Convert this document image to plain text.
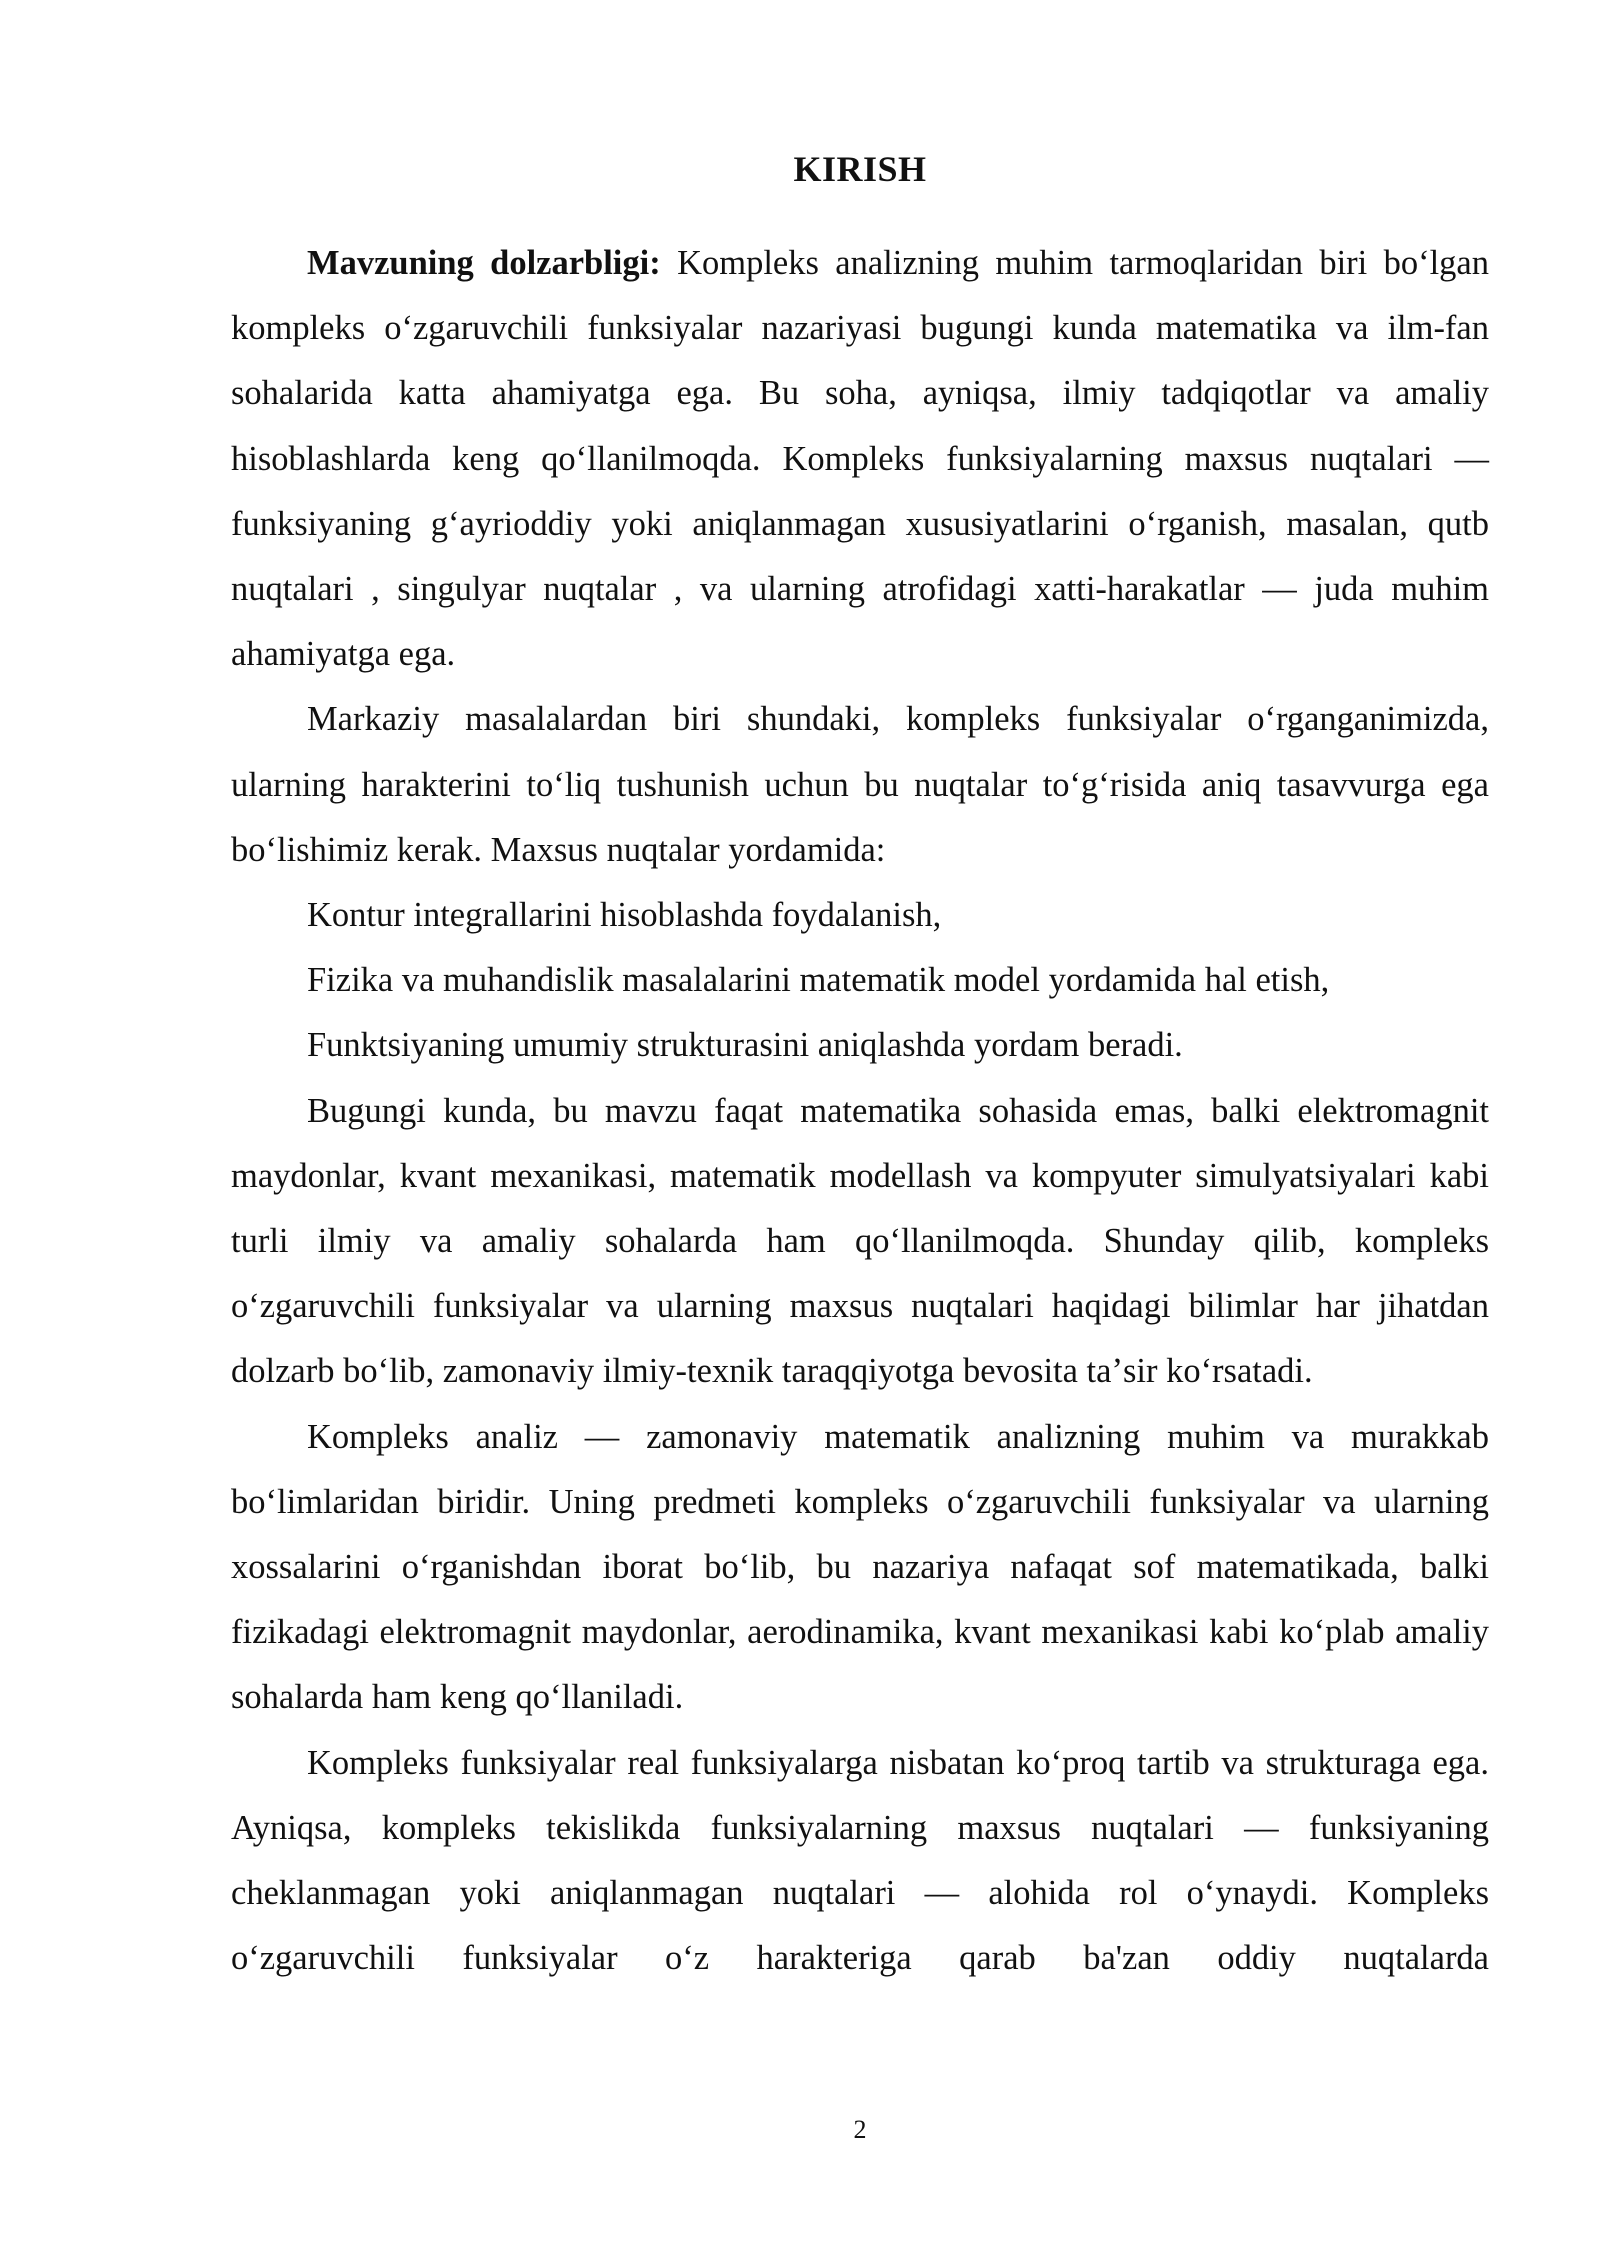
KIRISH

Mavzuning dolzarbligi: Kompleks analizning muhim tarmoqlaridan biri boʻlgan kompleks oʻzgaruvchili funksiyalar nazariyasi bugungi kunda matematika va ilm-fan sohalarida katta ahamiyatga ega. Bu soha, ayniqsa, ilmiy tadqiqotlar va amaliy hisoblashlarda keng qoʻllanilmoqda. Kompleks funksiyalarning maxsus nuqtalari — funksiyaning gʻayrioddiy yoki aniqlanmagan xususiyatlarini oʻrganish, masalan, qutb nuqtalari , singulyar nuqtalar , va ularning atrofidagi xatti-harakatlar — juda muhim ahamiyatga ega.

Markaziy masalalardan biri shundaki, kompleks funksiyalar oʻrganganimizda, ularning harakterini toʻliq tushunish uchun bu nuqtalar toʻgʻrisida aniq tasavvurga ega boʻlishimiz kerak. Maxsus nuqtalar yordamida:

Kontur integrallarini hisoblashda foydalanish,

Fizika va muhandislik masalalarini matematik model yordamida hal etish,

Funktsiyaning umumiy strukturasini aniqlashda yordam beradi.

Bugungi kunda, bu mavzu faqat matematika sohasida emas, balki elektromagnit maydonlar, kvant mexanikasi, matematik modellash va kompyuter simulyatsiyalari kabi turli ilmiy va amaliy sohalarda ham qoʻllanilmoqda. Shunday qilib, kompleks oʻzgaruvchili funksiyalar va ularning maxsus nuqtalari haqidagi bilimlar har jihatdan dolzarb boʻlib, zamonaviy ilmiy-texnik taraqqiyotga bevosita taʼsir koʻrsatadi.

Kompleks analiz — zamonaviy matematik analizning muhim va murakkab boʻlimlaridan biridir. Uning predmeti kompleks oʻzgaruvchili funksiyalar va ularning xossalarini oʻrganishdan iborat boʻlib, bu nazariya nafaqat sof matematikada, balki fizikadagi elektromagnit maydonlar, aerodinamika, kvant mexanikasi kabi koʻplab amaliy sohalarda ham keng qoʻllaniladi.

Kompleks funksiyalar real funksiyalarga nisbatan koʻproq tartib va strukturaga ega. Ayniqsa, kompleks tekislikda funksiyalarning maxsus nuqtalari — funksiyaning cheklanmagan yoki aniqlanmagan nuqtalari — alohida rol oʻynaydi. Kompleks oʻzgaruvchili funksiyalar oʻz harakteriga qarab ba'zan oddiy nuqtalarda

2
